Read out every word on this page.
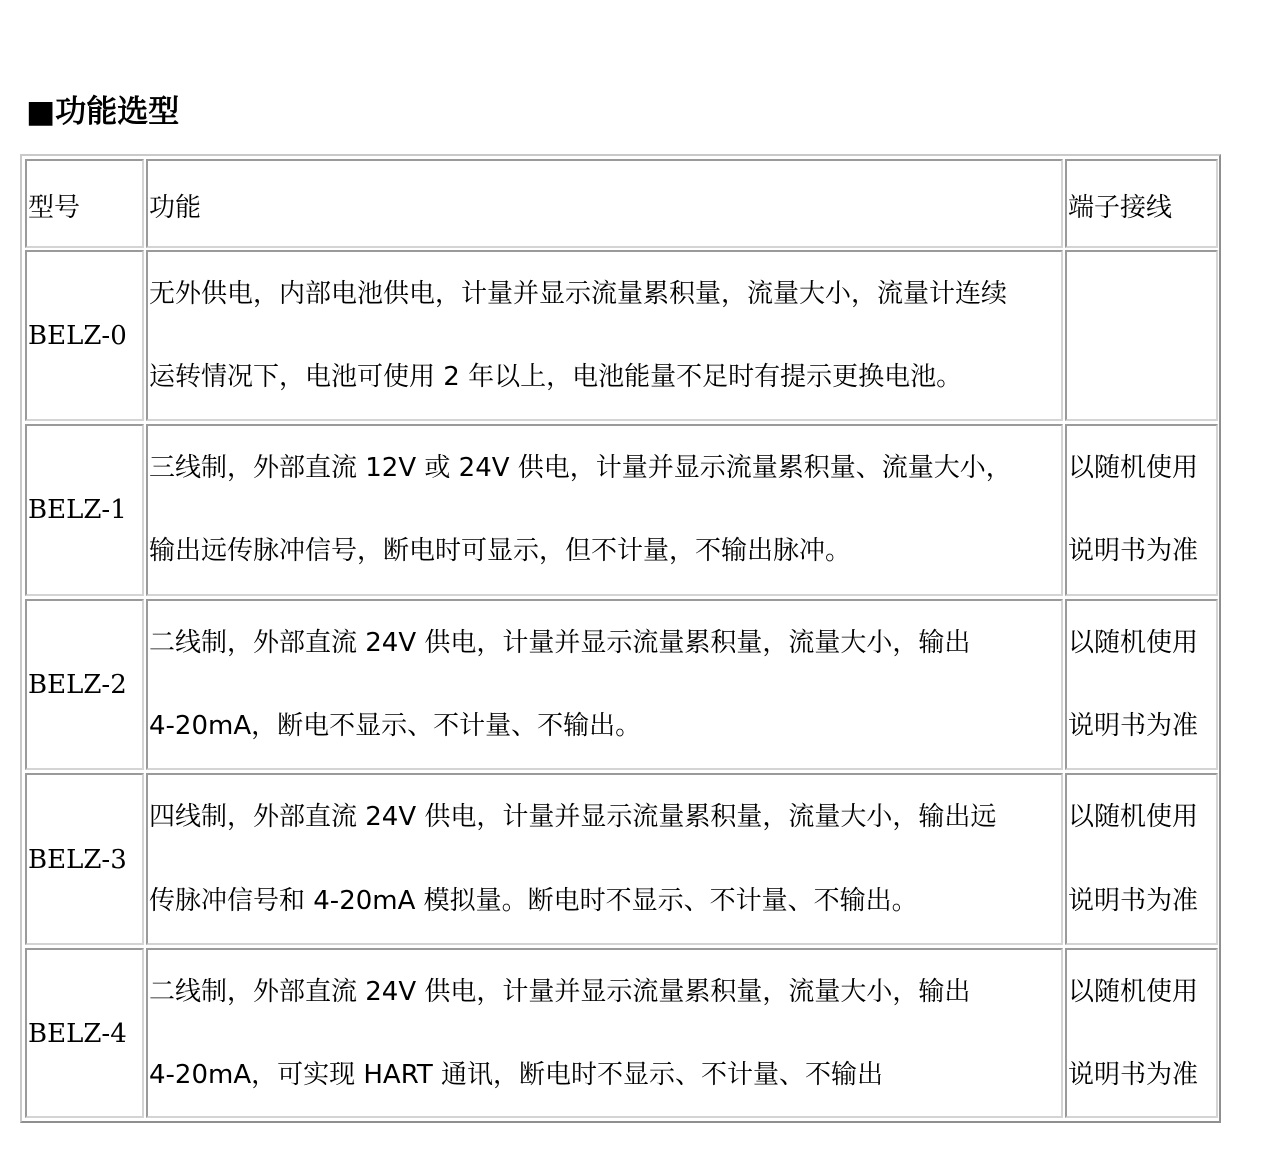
■功能选型
型号	功能	端子接线
BELZ-0
无外供电，内部电池供电，计量并显示流量累积量，流量大小，流量计连续
运转情况下，电池可使用 2 年以上，电池能量不足时有提示更换电池。
BELZ-1
三线制，外部直流 12V 或 24V 供电，计量并显示流量累积量、流量大小，
输出远传脉冲信号，断电时可显示，但不计量，不输出脉冲。
以随机使用
说明书为准
BELZ-2
二线制，外部直流 24V 供电，计量并显示流量累积量，流量大小，输出
4-20mA，断电不显示、不计量、不输出。
以随机使用
说明书为准
BELZ-3
四线制，外部直流 24V 供电，计量并显示流量累积量，流量大小，输出远
传脉冲信号和 4-20mA 模拟量。断电时不显示、不计量、不输出。
以随机使用
说明书为准
BELZ-4
二线制，外部直流 24V 供电，计量并显示流量累积量，流量大小，输出
4-20mA，可实现 HART 通讯，断电时不显示、不计量、不输出
以随机使用
说明书为准
